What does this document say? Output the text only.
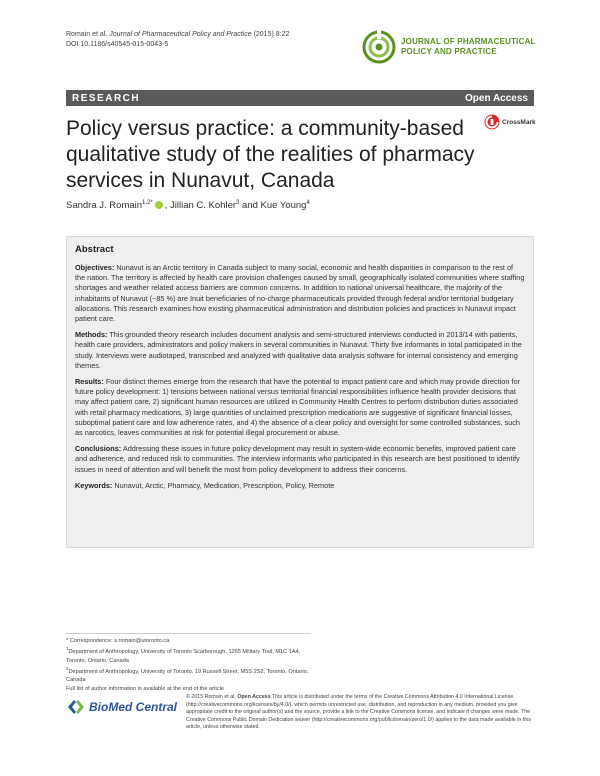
Romain et al. Journal of Pharmaceutical Policy and Practice (2015) 8:22
DOI 10.1186/s40545-015-0043-5	JOURNAL OF PHARMACEUTICAL
POLICY AND PRACTICE
RESEARCH	Open Access
Policy versus practice: a community-based qualitative study of the realities of pharmacy services in Nunavut, Canada
CrossMark
Sandra J. Romain$^{1,2*}$ , Jillian C. Kohler$^3$ and Kue Young$^4$
Abstract

Objectives: Nunavut is an Arctic territory in Canada subject to many social, economic and health disparities in comparison to the rest of the nation. The territory is affected by health care provision challenges caused by small, geographically isolated communities where staffing shortages and weather related access barriers are common concerns. In addition to national universal healthcare, the majority of the inhabitants of Nunavut (~85 %) are Inuit beneficiaries of no-charge pharmaceuticals provided through federal and/or territorial budgetary allocations. This research examines how existing pharmaceutical administration and distribution policies and practices in Nunavut impact patient care.

Methods: This grounded theory research includes document analysis and semi-structured interviews conducted in 2013/14 with patients, health care providers, administrators and policy makers in several communities in Nunavut. Thirty five informants in total participated in the study. Interviews were audiotaped, transcribed and analyzed with qualitative data analysis software for internal consistency and emerging themes.

Results: Four distinct themes emerge from the research that have the potential to impact patient care and which may provide direction for future policy development: 1) tensions between national versus territorial financial responsibilities influence health provider decisions that may affect patient care, 2) significant human resources are utilized in Community Health Centres to perform distribution duties associated with retail pharmacy medications, 3) large quantities of unclaimed prescription medications are suggestive of significant financial losses, suboptimal patient care and low adherence rates, and 4) the absence of a clear policy and oversight for some controlled substances, such as narcotics, leaves communities at risk for potential illegal procurement or abuse.

Conclusions: Addressing these issues in future policy development may result in system-wide economic benefits, improved patient care and adherence, and reduced risk to communities. The interview informants who participated in this research are best positioned to identify issues in need of attention and will benefit the most from policy development to address their concerns.

Keywords: Nunavut, Arctic, Pharmacy, Medication, Prescription, Policy, Remote

* Correspondence: s.romain@utoronto.ca
$^1$Department of Anthropology, University of Toronto Scarborough, 1265 Military Trail, M1C 1A4, Toronto, Ontario, Canada
$^2$Department of Anthropology, University of Toronto, 19 Russell Street, M5S 2S2, Toronto, Ontario, Canada
Full list of author information is available at the end of the article
BioMed Central
© 2015 Romain et al. Open Access This article is distributed under the terms of the Creative Commons Attribution 4.0 International License (http://creativecommons.org/licenses/by/4.0/), which permits unrestricted use, distribution, and reproduction in any medium, provided you give appropriate credit to the original author(s) and the source, provide a link to the Creative Commons license, and indicate if changes were made. The Creative Commons Public Domain Dedication waiver (http://creativecommons.org/publicdomain/zero/1.0/) applies to the data made available in this article, unless otherwise stated.
